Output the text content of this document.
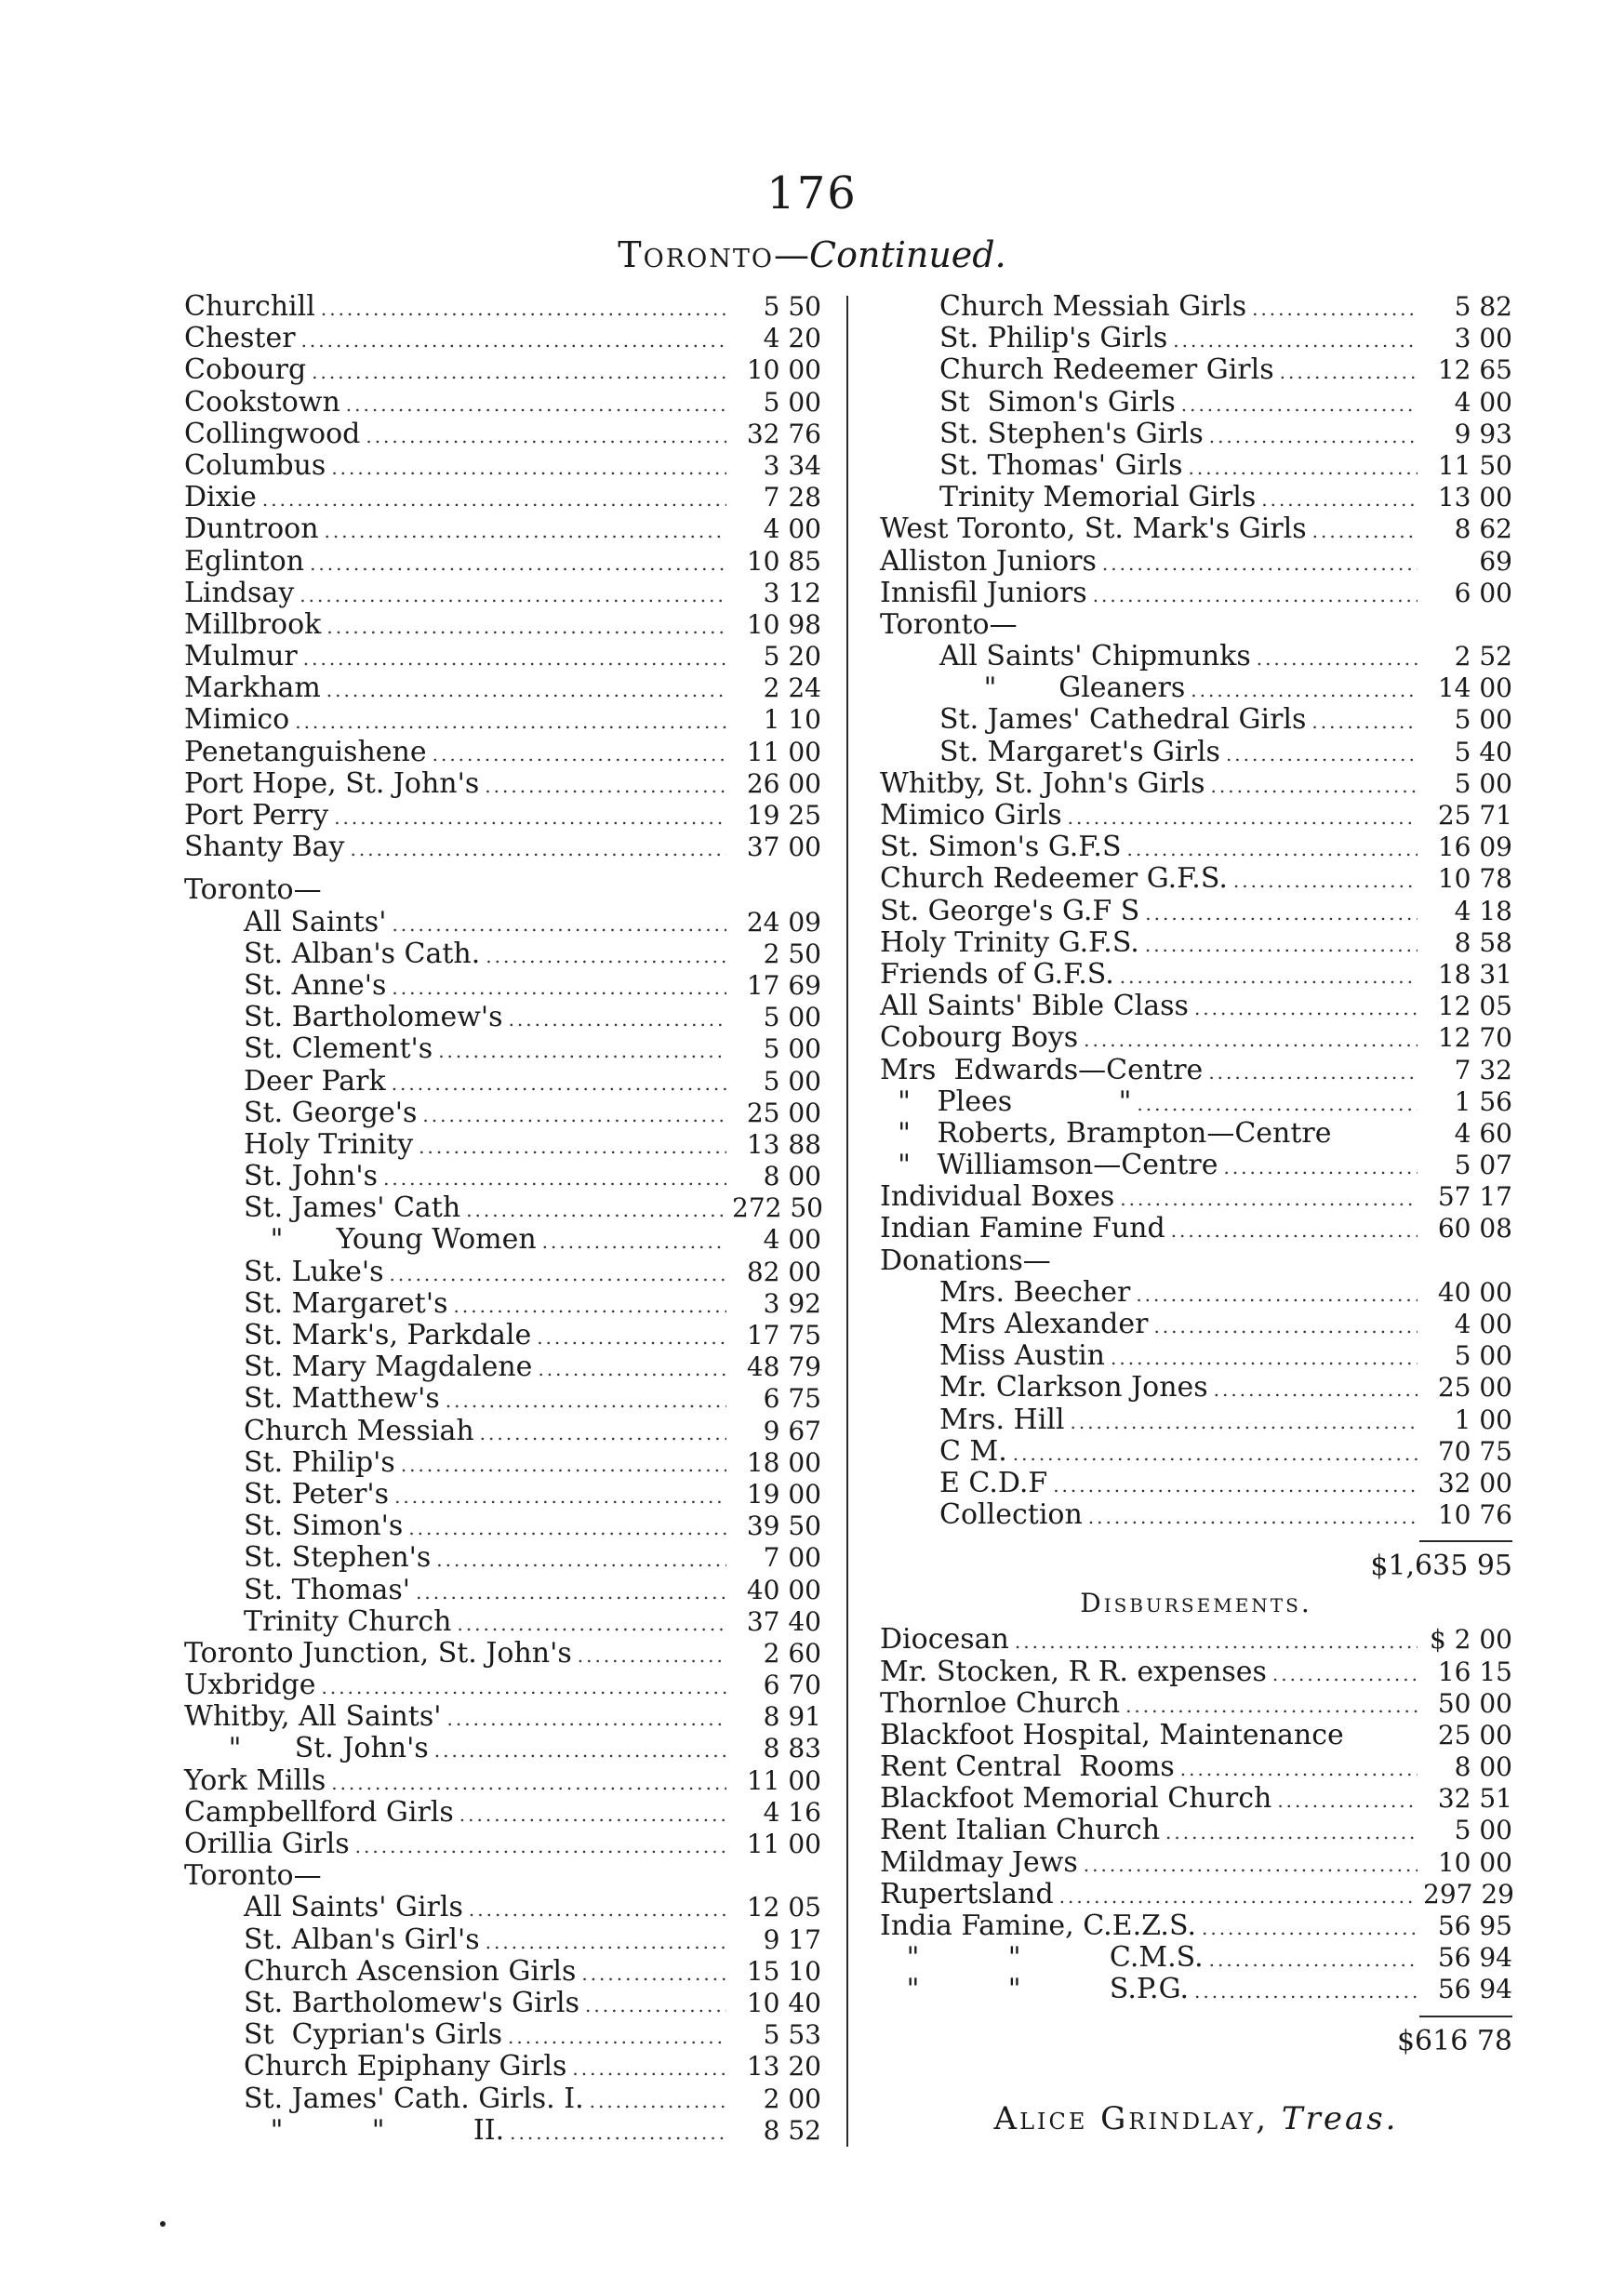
176
Toronto—Continued.
Churchill .....	5 50
Chester .....	4 20
Cobourg .....	10 00
Cookstown .....	5 00
Collingwood .....	32 76
Columbus .....	3 34
Dixie .....	7 28
Duntroon .....	4 00
Eglinton .....	10 85
Lindsay .....	3 12
Millbrook .....	10 98
Mulmur .....	5 20
Markham .....	2 24
Mimico .....	1 10
Penetanguishene .....	11 00
Port Hope, St. John's .....	26 00
Port Perry .....	19 25
Shanty Bay .....	37 00
Toronto—
All Saints' .....	24 09
St. Alban's Cath. .....	2 50
St. Anne's .....	17 69
St. Bartholomew's .....	5 00
St. Clement's .....	5 00
Deer Park .....	5 00
St. George's .....	25 00
Holy Trinity .....	13 88
St. John's .....	8 00
St. James' Cath .....	272 50
"      Young Women .....	4 00
St. Luke's .....	82 00
St. Margaret's .....	3 92
St. Mark's, Parkdale .....	17 75
St. Mary Magdalene .....	48 79
St. Matthew's .....	6 75
Church Messiah .....	9 67
St. Philip's .....	18 00
St. Peter's .....	19 00
St. Simon's .....	39 50
St. Stephen's .....	7 00
St. Thomas' .....	40 00
Trinity Church .....	37 40
Toronto Junction, St. John's .....	2 60
Uxbridge .....	6 70
Whitby, All Saints' .....	8 91
"      St. John's .....	8 83
York Mills .....	11 00
Campbellford Girls .....	4 16
Orillia Girls .....	11 00
Toronto—
All Saints' Girls .....	12 05
St. Alban's Girl's .....	9 17
Church Ascension Girls .....	15 10
St. Bartholomew's Girls .....	10 40
St  Cyprian's Girls .....	5 53
Church Epiphany Girls .....	13 20
St. James' Cath. Girls. I. .....	2 00
"          "          II. .....	8 52
Church Messiah Girls .....	5 82
St. Philip's Girls .....	3 00
Church Redeemer Girls .....	12 65
St  Simon's Girls .....	4 00
St. Stephen's Girls .....	9 93
St. Thomas' Girls .....	11 50
Trinity Memorial Girls .....	13 00
West Toronto, St. Mark's Girls .....	8 62
Alliston Juniors .....	69
Innisfil Juniors .....	6 00
Toronto—
All Saints' Chipmunks .....	2 52
"       Gleaners .....	14 00
St. James' Cathedral Girls .....	5 00
St. Margaret's Girls .....	5 40
Whitby, St. John's Girls .....	5 00
Mimico Girls .....	25 71
St. Simon's G.F.S .....	16 09
Church Redeemer G.F.S. .....	10 78
St. George's G.F S .....	4 18
Holy Trinity G.F.S. .....	8 58
Friends of G.F.S. .....	18 31
All Saints' Bible Class .....	12 05
Cobourg Boys .....	12 70
Mrs  Edwards—Centre .....	7 32
"   Plees            " .....	1 56
"   Roberts, Brampton—Centre	4 60
"   Williamson—Centre .....	5 07
Individual Boxes .....	57 17
Indian Famine Fund .....	60 08
Donations—
Mrs. Beecher .....	40 00
Mrs Alexander .....	4 00
Miss Austin .....	5 00
Mr. Clarkson Jones .....	25 00
Mrs. Hill .....	1 00
C M. .....	70 75
E C.D.F .....	32 00
Collection .....	10 76
$1,635 95
Disbursements.
Diocesan .....	$ 2 00
Mr. Stocken, R R. expenses .....	16 15
Thornloe Church .....	50 00
Blackfoot Hospital, Maintenance	25 00
Rent Central  Rooms .....	8 00
Blackfoot Memorial Church .....	32 51
Rent Italian Church .....	5 00
Mildmay Jews .....	10 00
Rupertsland .....	297 29
India Famine, C.E.Z.S. .....	56 95
"          "          C.M.S. .....	56 94
"          "          S.P.G. .....	56 94
$616 78
Alice Grindlay, Treas.
